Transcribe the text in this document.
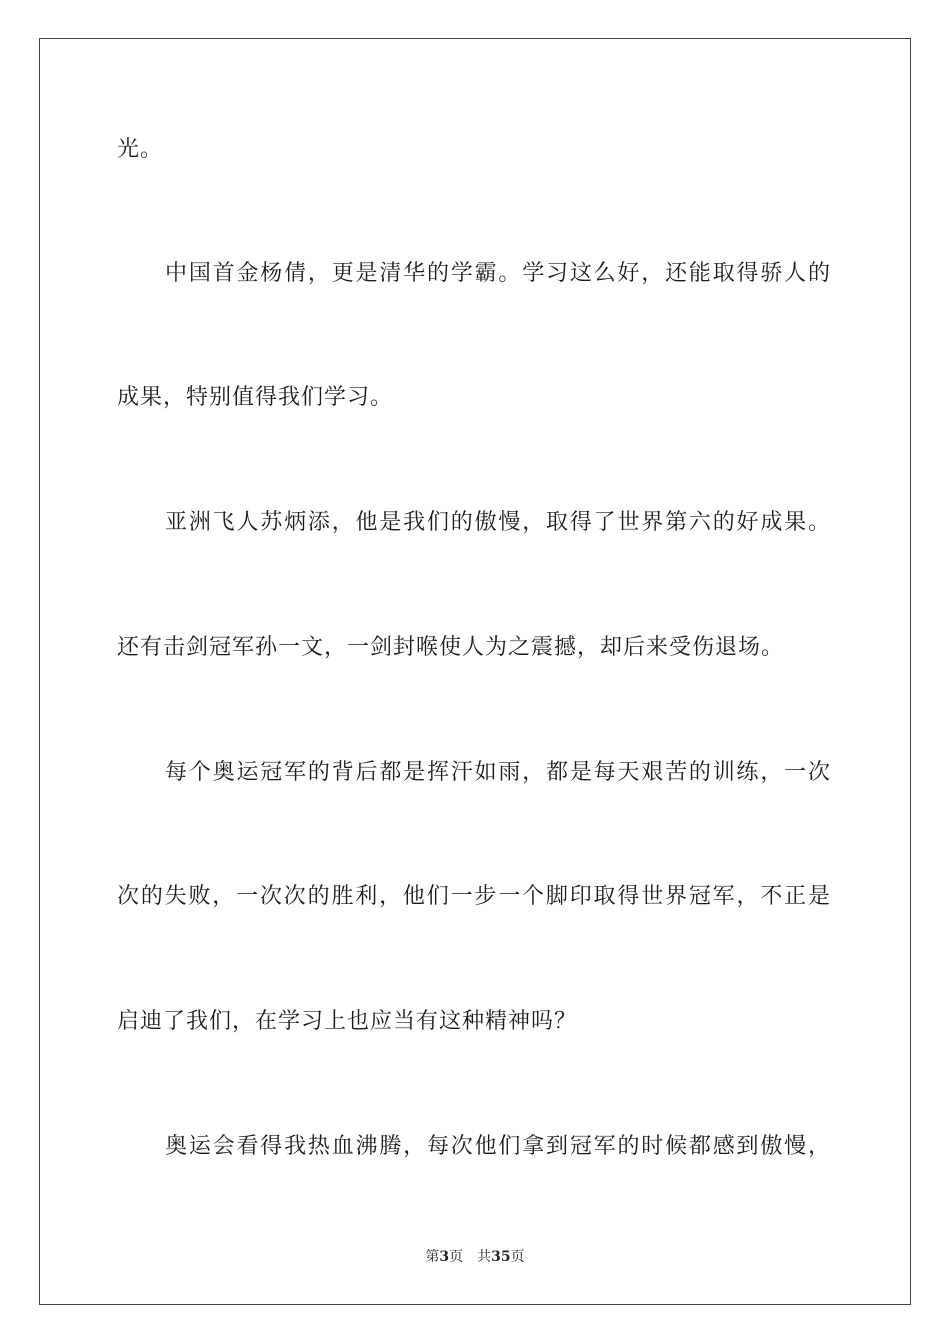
光。
中国首金杨倩，更是清华的学霸。学习这么好，还能取得骄人的
成果，特别值得我们学习。
亚洲飞人苏炳添，他是我们的傲慢，取得了世界第六的好成果。
还有击剑冠军孙一文，一剑封喉使人为之震撼，却后来受伤退场。
每个奥运冠军的背后都是挥汗如雨，都是每天艰苦的训练，一次
次的失败，一次次的胜利，他们一步一个脚印取得世界冠军，不正是
启迪了我们，在学习上也应当有这种精神吗？
奥运会看得我热血沸腾，每次他们拿到冠军的时候都感到傲慢，
第3页 共35页
